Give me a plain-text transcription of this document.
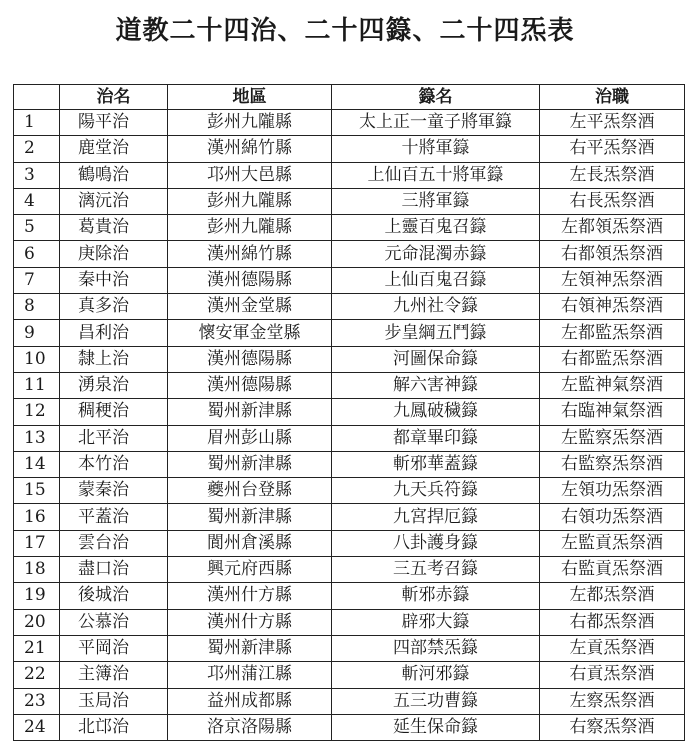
道教二十四治、二十四籙、二十四炁表
	治名	地區	籙名	治職
1	陽平治	彭州九隴縣	太上正一童子將軍籙	左平炁祭酒
2	鹿堂治	漢州綿竹縣	十將軍籙	右平炁祭酒
3	鶴鳴治	邛州大邑縣	上仙百五十將軍籙	左長炁祭酒
4	漓沅治	彭州九隴縣	三將軍籙	右長炁祭酒
5	葛貴治	彭州九隴縣	上靈百鬼召籙	左都領炁祭酒
6	庚除治	漢州綿竹縣	元命混濁赤籙	右都領炁祭酒
7	秦中治	漢州德陽縣	上仙百鬼召籙	左領神炁祭酒
8	真多治	漢州金堂縣	九州社令籙	右領神炁祭酒
9	昌利治	懷安軍金堂縣	步皇綱五鬥籙	左都監炁祭酒
10	隸上治	漢州德陽縣	河圖保命籙	右都監炁祭酒
11	湧泉治	漢州德陽縣	解六害神籙	左監神氣祭酒
12	稠稉治	蜀州新津縣	九鳳破穢籙	右臨神氣祭酒
13	北平治	眉州彭山縣	都章畢印籙	左監察炁祭酒
14	本竹治	蜀州新津縣	斬邪華蓋籙	右監察炁祭酒
15	蒙秦治	夔州台登縣	九天兵符籙	左領功炁祭酒
16	平蓋治	蜀州新津縣	九宮捍厄籙	右領功炁祭酒
17	雲台治	閬州倉溪縣	八卦護身籙	左監貢炁祭酒
18	盡口治	興元府西縣	三五考召籙	右監貢炁祭酒
19	後城治	漢州什方縣	斬邪赤籙	左都炁祭酒
20	公慕治	漢州什方縣	辟邪大籙	右都炁祭酒
21	平岡治	蜀州新津縣	四部禁炁籙	左貢炁祭酒
22	主簿治	邛州蒲江縣	斬河邪籙	右貢炁祭酒
23	玉局治	益州成都縣	五三功曹籙	左察炁祭酒
24	北邙治	洛京洛陽縣	延生保命籙	右察炁祭酒
